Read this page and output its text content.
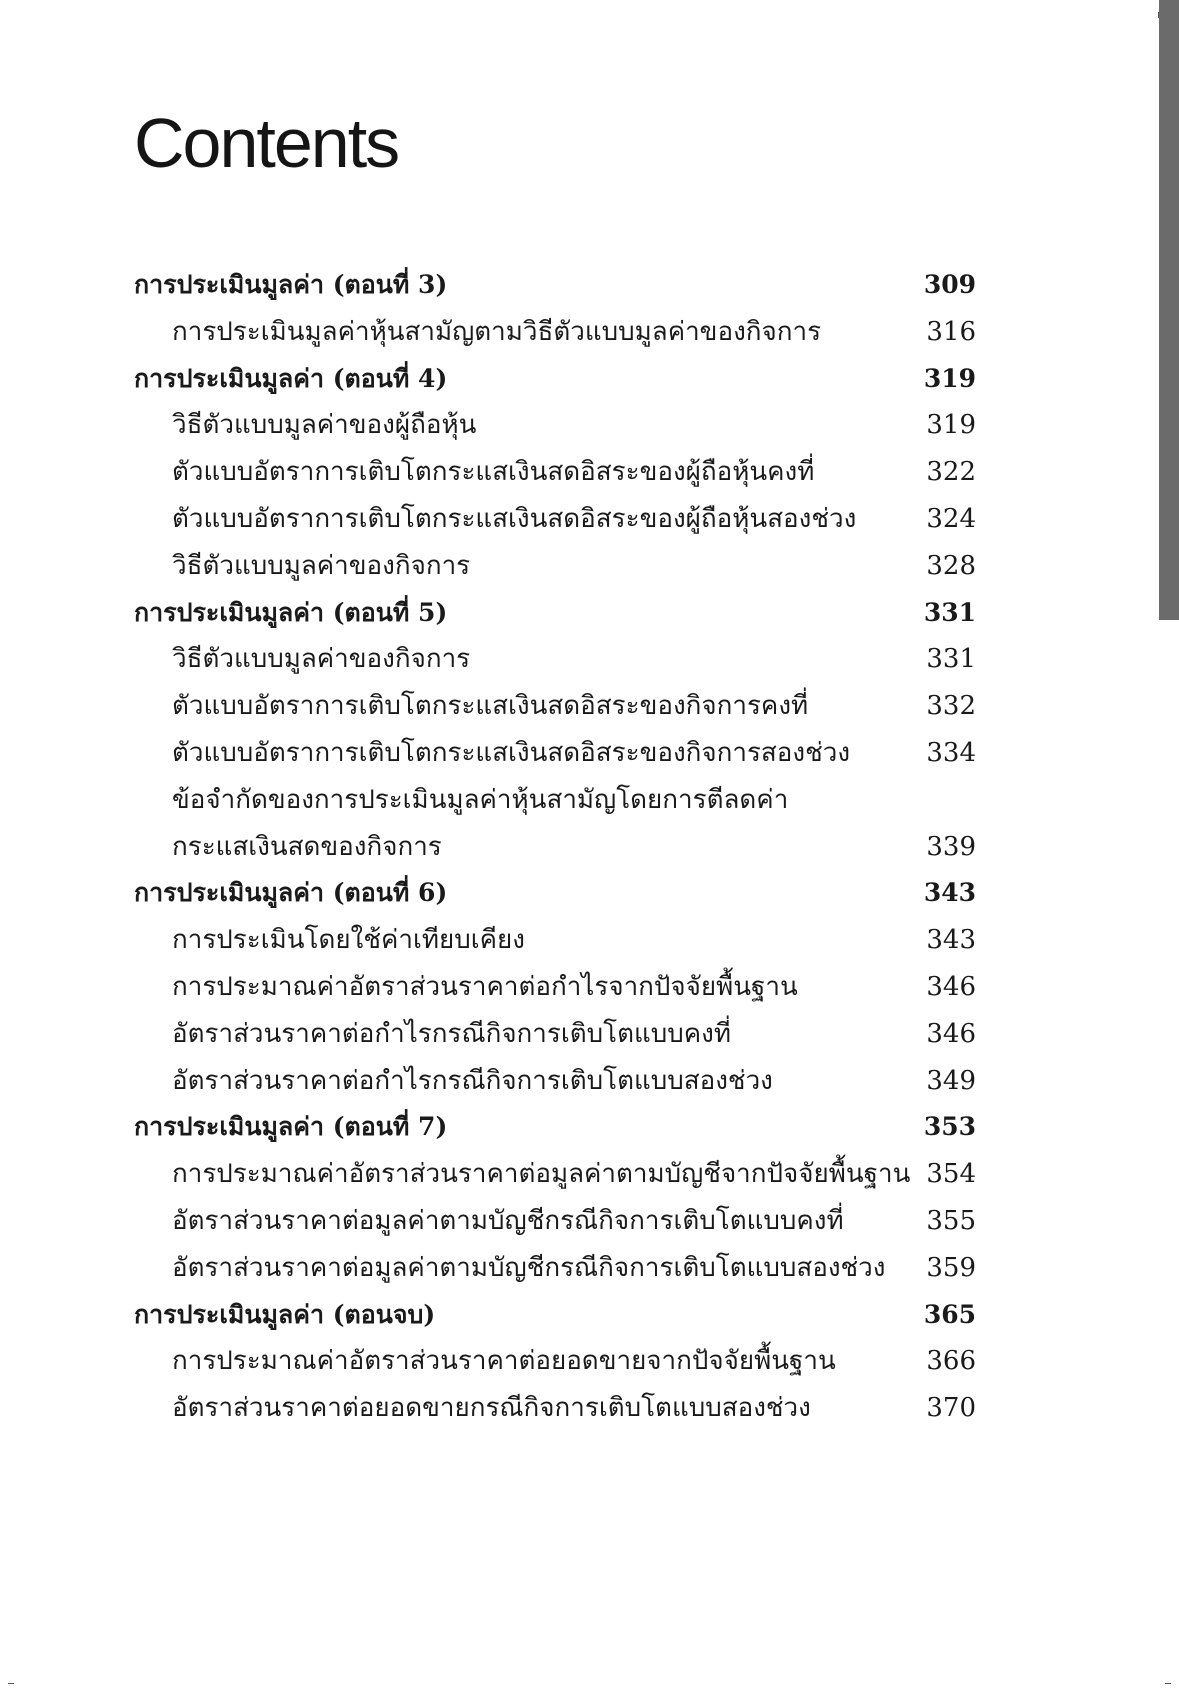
Contents
การประเมินมูลค่า (ตอนที่ 3)	309
การประเมินมูลค่าหุ้นสามัญตามวิธีตัวแบบมูลค่าของกิจการ	316
การประเมินมูลค่า (ตอนที่ 4)	319
วิธีตัวแบบมูลค่าของผู้ถือหุ้น	319
ตัวแบบอัตราการเติบโตกระแสเงินสดอิสระของผู้ถือหุ้นคงที่	322
ตัวแบบอัตราการเติบโตกระแสเงินสดอิสระของผู้ถือหุ้นสองช่วง	324
วิธีตัวแบบมูลค่าของกิจการ	328
การประเมินมูลค่า (ตอนที่ 5)	331
วิธีตัวแบบมูลค่าของกิจการ	331
ตัวแบบอัตราการเติบโตกระแสเงินสดอิสระของกิจการคงที่	332
ตัวแบบอัตราการเติบโตกระแสเงินสดอิสระของกิจการสองช่วง	334
ข้อจำกัดของการประเมินมูลค่าหุ้นสามัญโดยการตีลดค่า
กระแสเงินสดของกิจการ	339
การประเมินมูลค่า (ตอนที่ 6)	343
การประเมินโดยใช้ค่าเทียบเคียง	343
การประมาณค่าอัตราส่วนราคาต่อกำไรจากปัจจัยพื้นฐาน	346
อัตราส่วนราคาต่อกำไรกรณีกิจการเติบโตแบบคงที่	346
อัตราส่วนราคาต่อกำไรกรณีกิจการเติบโตแบบสองช่วง	349
การประเมินมูลค่า (ตอนที่ 7)	353
การประมาณค่าอัตราส่วนราคาต่อมูลค่าตามบัญชีจากปัจจัยพื้นฐาน 354
อัตราส่วนราคาต่อมูลค่าตามบัญชีกรณีกิจการเติบโตแบบคงที่	355
อัตราส่วนราคาต่อมูลค่าตามบัญชีกรณีกิจการเติบโตแบบสองช่วง	359
การประเมินมูลค่า (ตอนจบ)	365
การประมาณค่าอัตราส่วนราคาต่อยอดขายจากปัจจัยพื้นฐาน	366
อัตราส่วนราคาต่อยอดขายกรณีกิจการเติบโตแบบสองช่วง	370
